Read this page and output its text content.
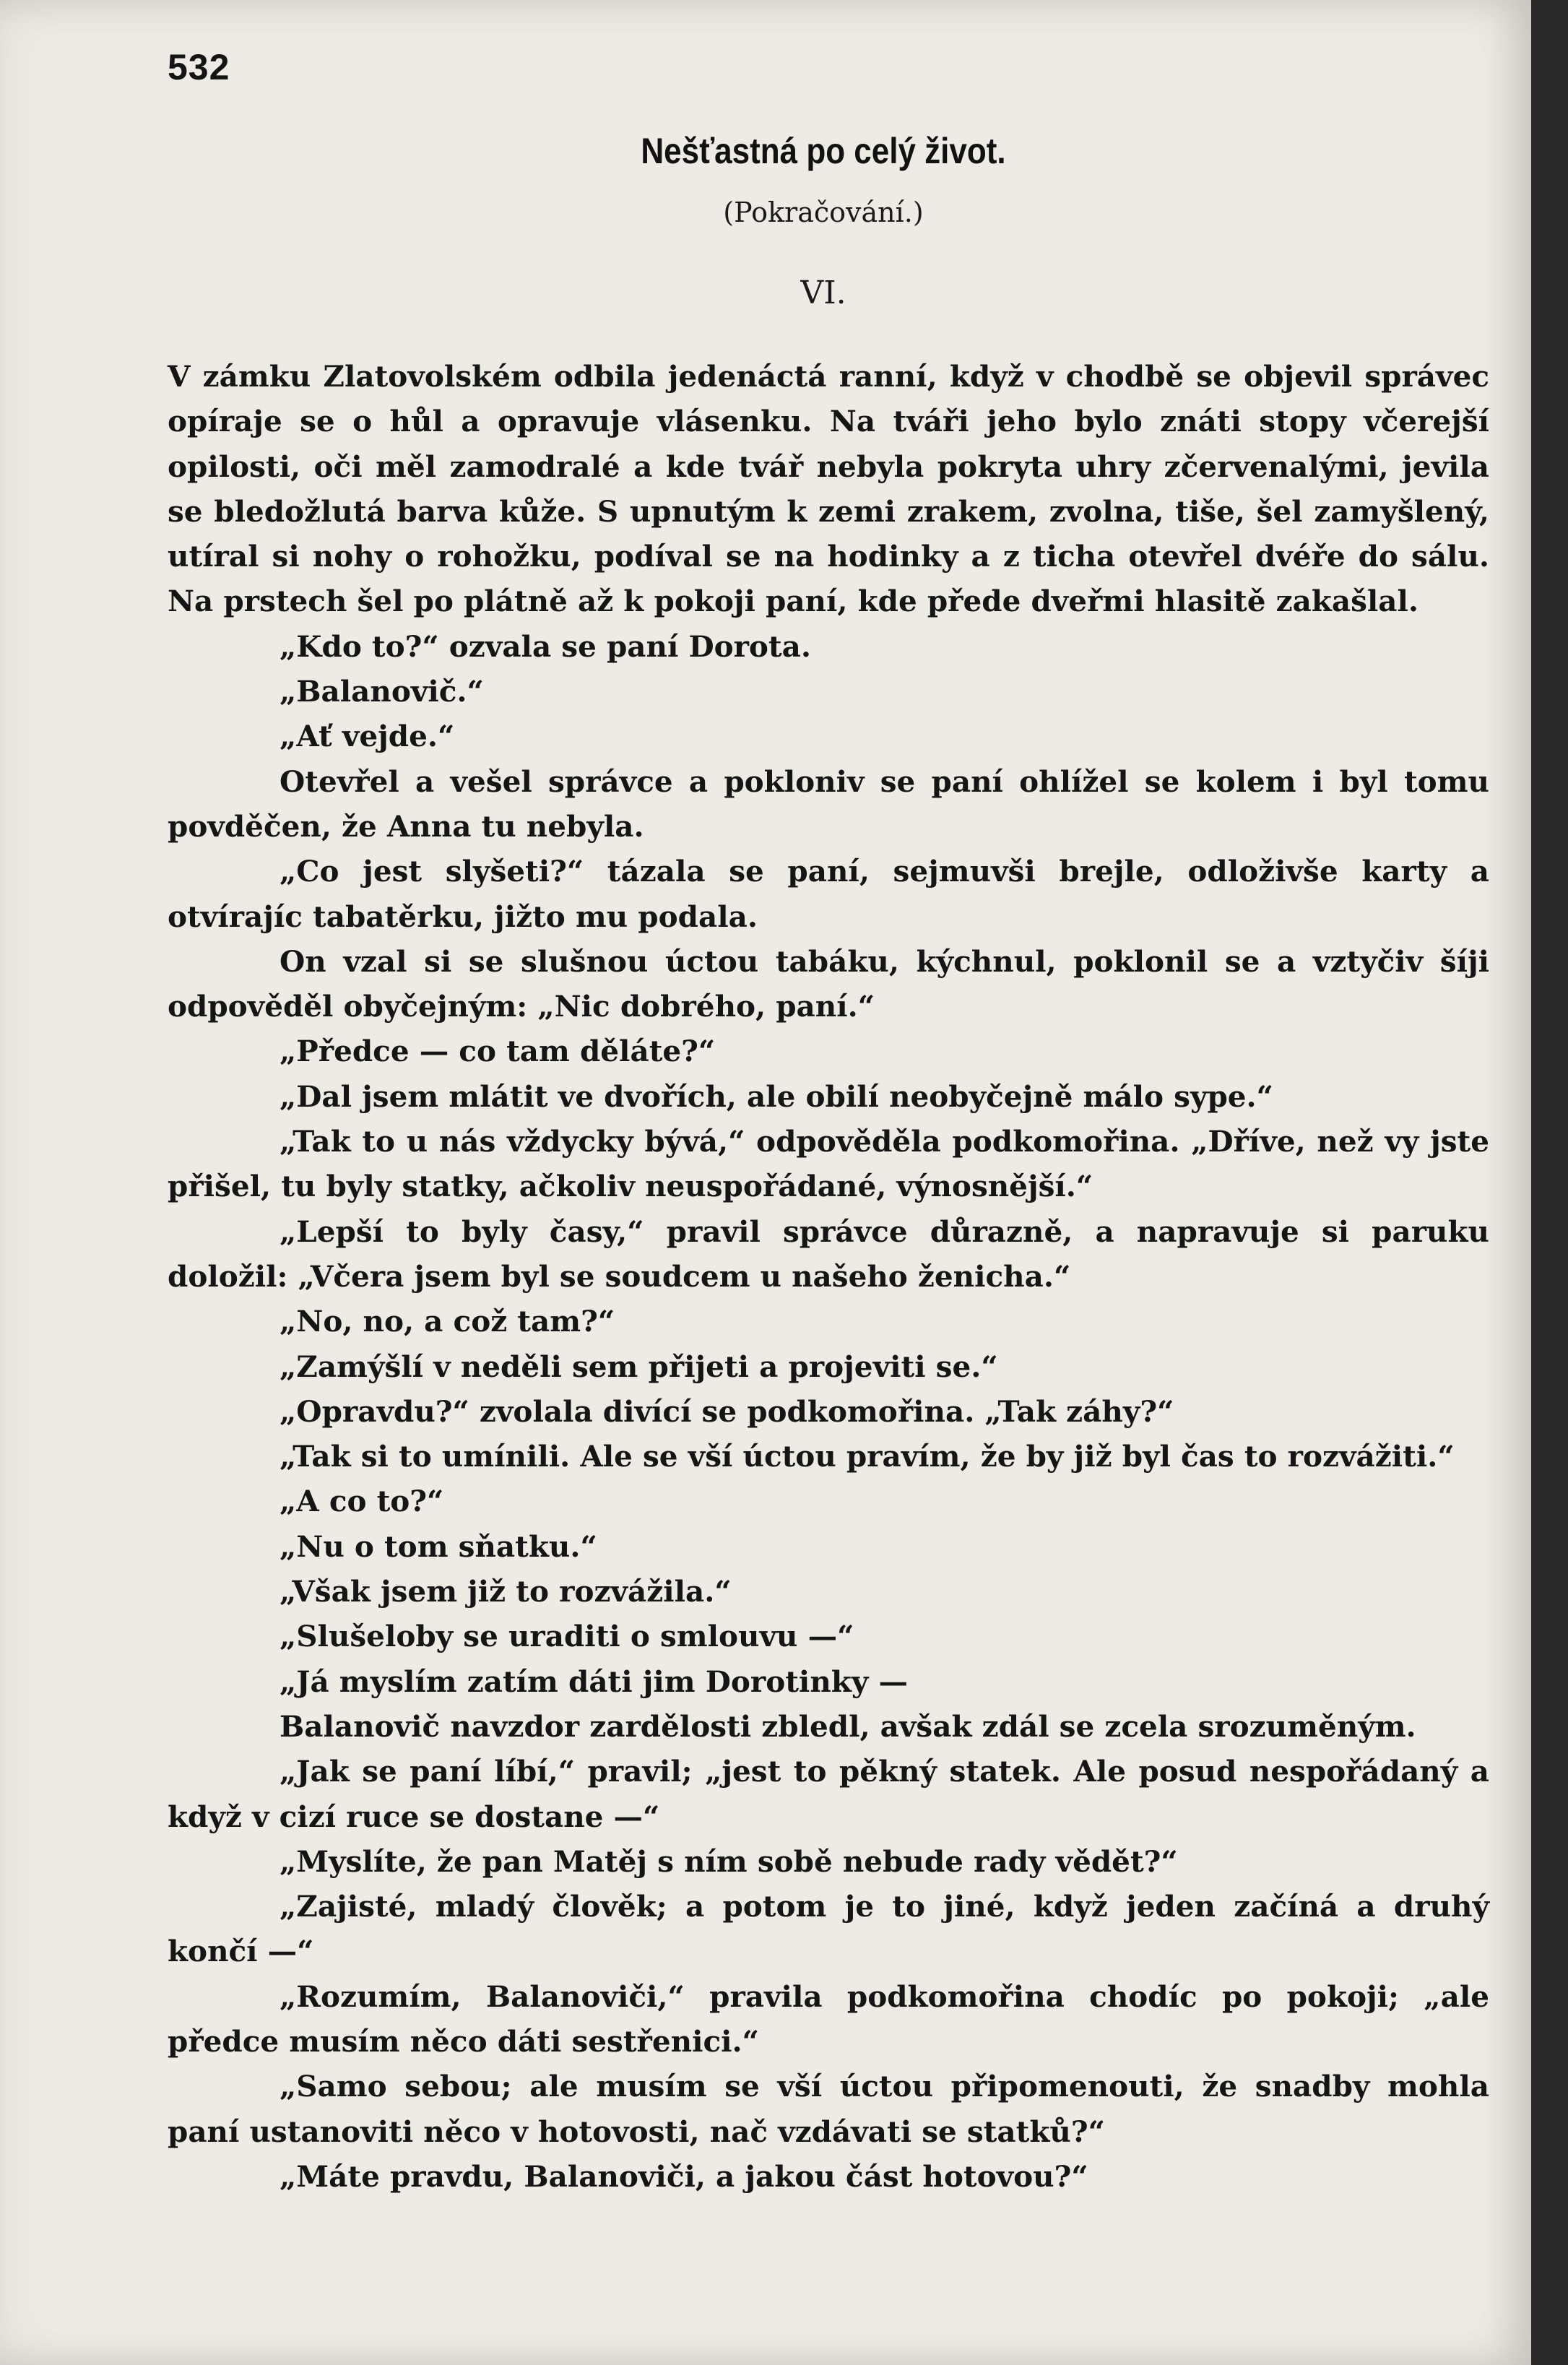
532
Nešťastná po celý život.
(Pokračování.)
VI.

V zámku Zlatovolském odbila jedenáctá ranní, když v chodbě se objevil správec opíraje se o hůl a opravuje vlásenku. Na tváři jeho bylo znáti stopy včerejší opilosti, oči měl zamodralé a kde tvář nebyla pokryta uhry zčervenalými, jevila se bledožlutá barva kůže. S upnutým k zemi zrakem, zvolna, tiše, šel zamyšlený, utíral si nohy o rohožku, podíval se na hodinky a z ticha otevřel dvéře do sálu. Na prstech šel po plátně až k pokoji paní, kde přede dveřmi hlasitě zakašlal.

„Kdo to?“ ozvala se paní Dorota.

„Balanovič.“

„Ať vejde.“

Otevřel a vešel správce a pokloniv se paní ohlížel se kolem i byl tomu povděčen, že Anna tu nebyla.

„Co jest slyšeti?“ tázala se paní, sejmuvši brejle, odloživše karty a otvírajíc tabatěrku, jižto mu podala.

On vzal si se slušnou úctou tabáku, kýchnul, poklonil se a vztyčiv šíji odpověděl obyčejným: „Nic dobrého, paní.“

„Předce — co tam děláte?“

„Dal jsem mlátit ve dvořích, ale obilí neobyčejně málo sype.“

„Tak to u nás vždycky bývá,“ odpověděla podkomořina. „Dříve, než vy jste přišel, tu byly statky, ačkoliv neuspořádané, výnosnější.“

„Lepší to byly časy,“ pravil správce důrazně, a napravuje si paruku doložil: „Včera jsem byl se soudcem u našeho ženicha.“

„No, no, a což tam?“

„Zamýšlí v neděli sem přijeti a projeviti se.“

„Opravdu?“ zvolala divící se podkomořina. „Tak záhy?“

„Tak si to umínili. Ale se vší úctou pravím, že by již byl čas to rozvážiti.“

„A co to?“

„Nu o tom sňatku.“

„Však jsem již to rozvážila.“

„Slušeloby se uraditi o smlouvu —“

„Já myslím zatím dáti jim Dorotinky —

Balanovič navzdor zardělosti zbledl, avšak zdál se zcela srozuměným.

„Jak se paní líbí,“ pravil; „jest to pěkný statek. Ale posud nespořádaný a když v cizí ruce se dostane —“

„Myslíte, že pan Matěj s ním sobě nebude rady vědět?“

„Zajisté, mladý člověk; a potom je to jiné, když jeden začíná a druhý končí —“

„Rozumím, Balanoviči,“ pravila podkomořina chodíc po pokoji; „ale předce musím něco dáti sestřenici.“

„Samo sebou; ale musím se vší úctou připomenouti, že snadby mohla paní ustanoviti něco v hotovosti, nač vzdávati se statků?“

„Máte pravdu, Balanoviči, a jakou část hotovou?“
